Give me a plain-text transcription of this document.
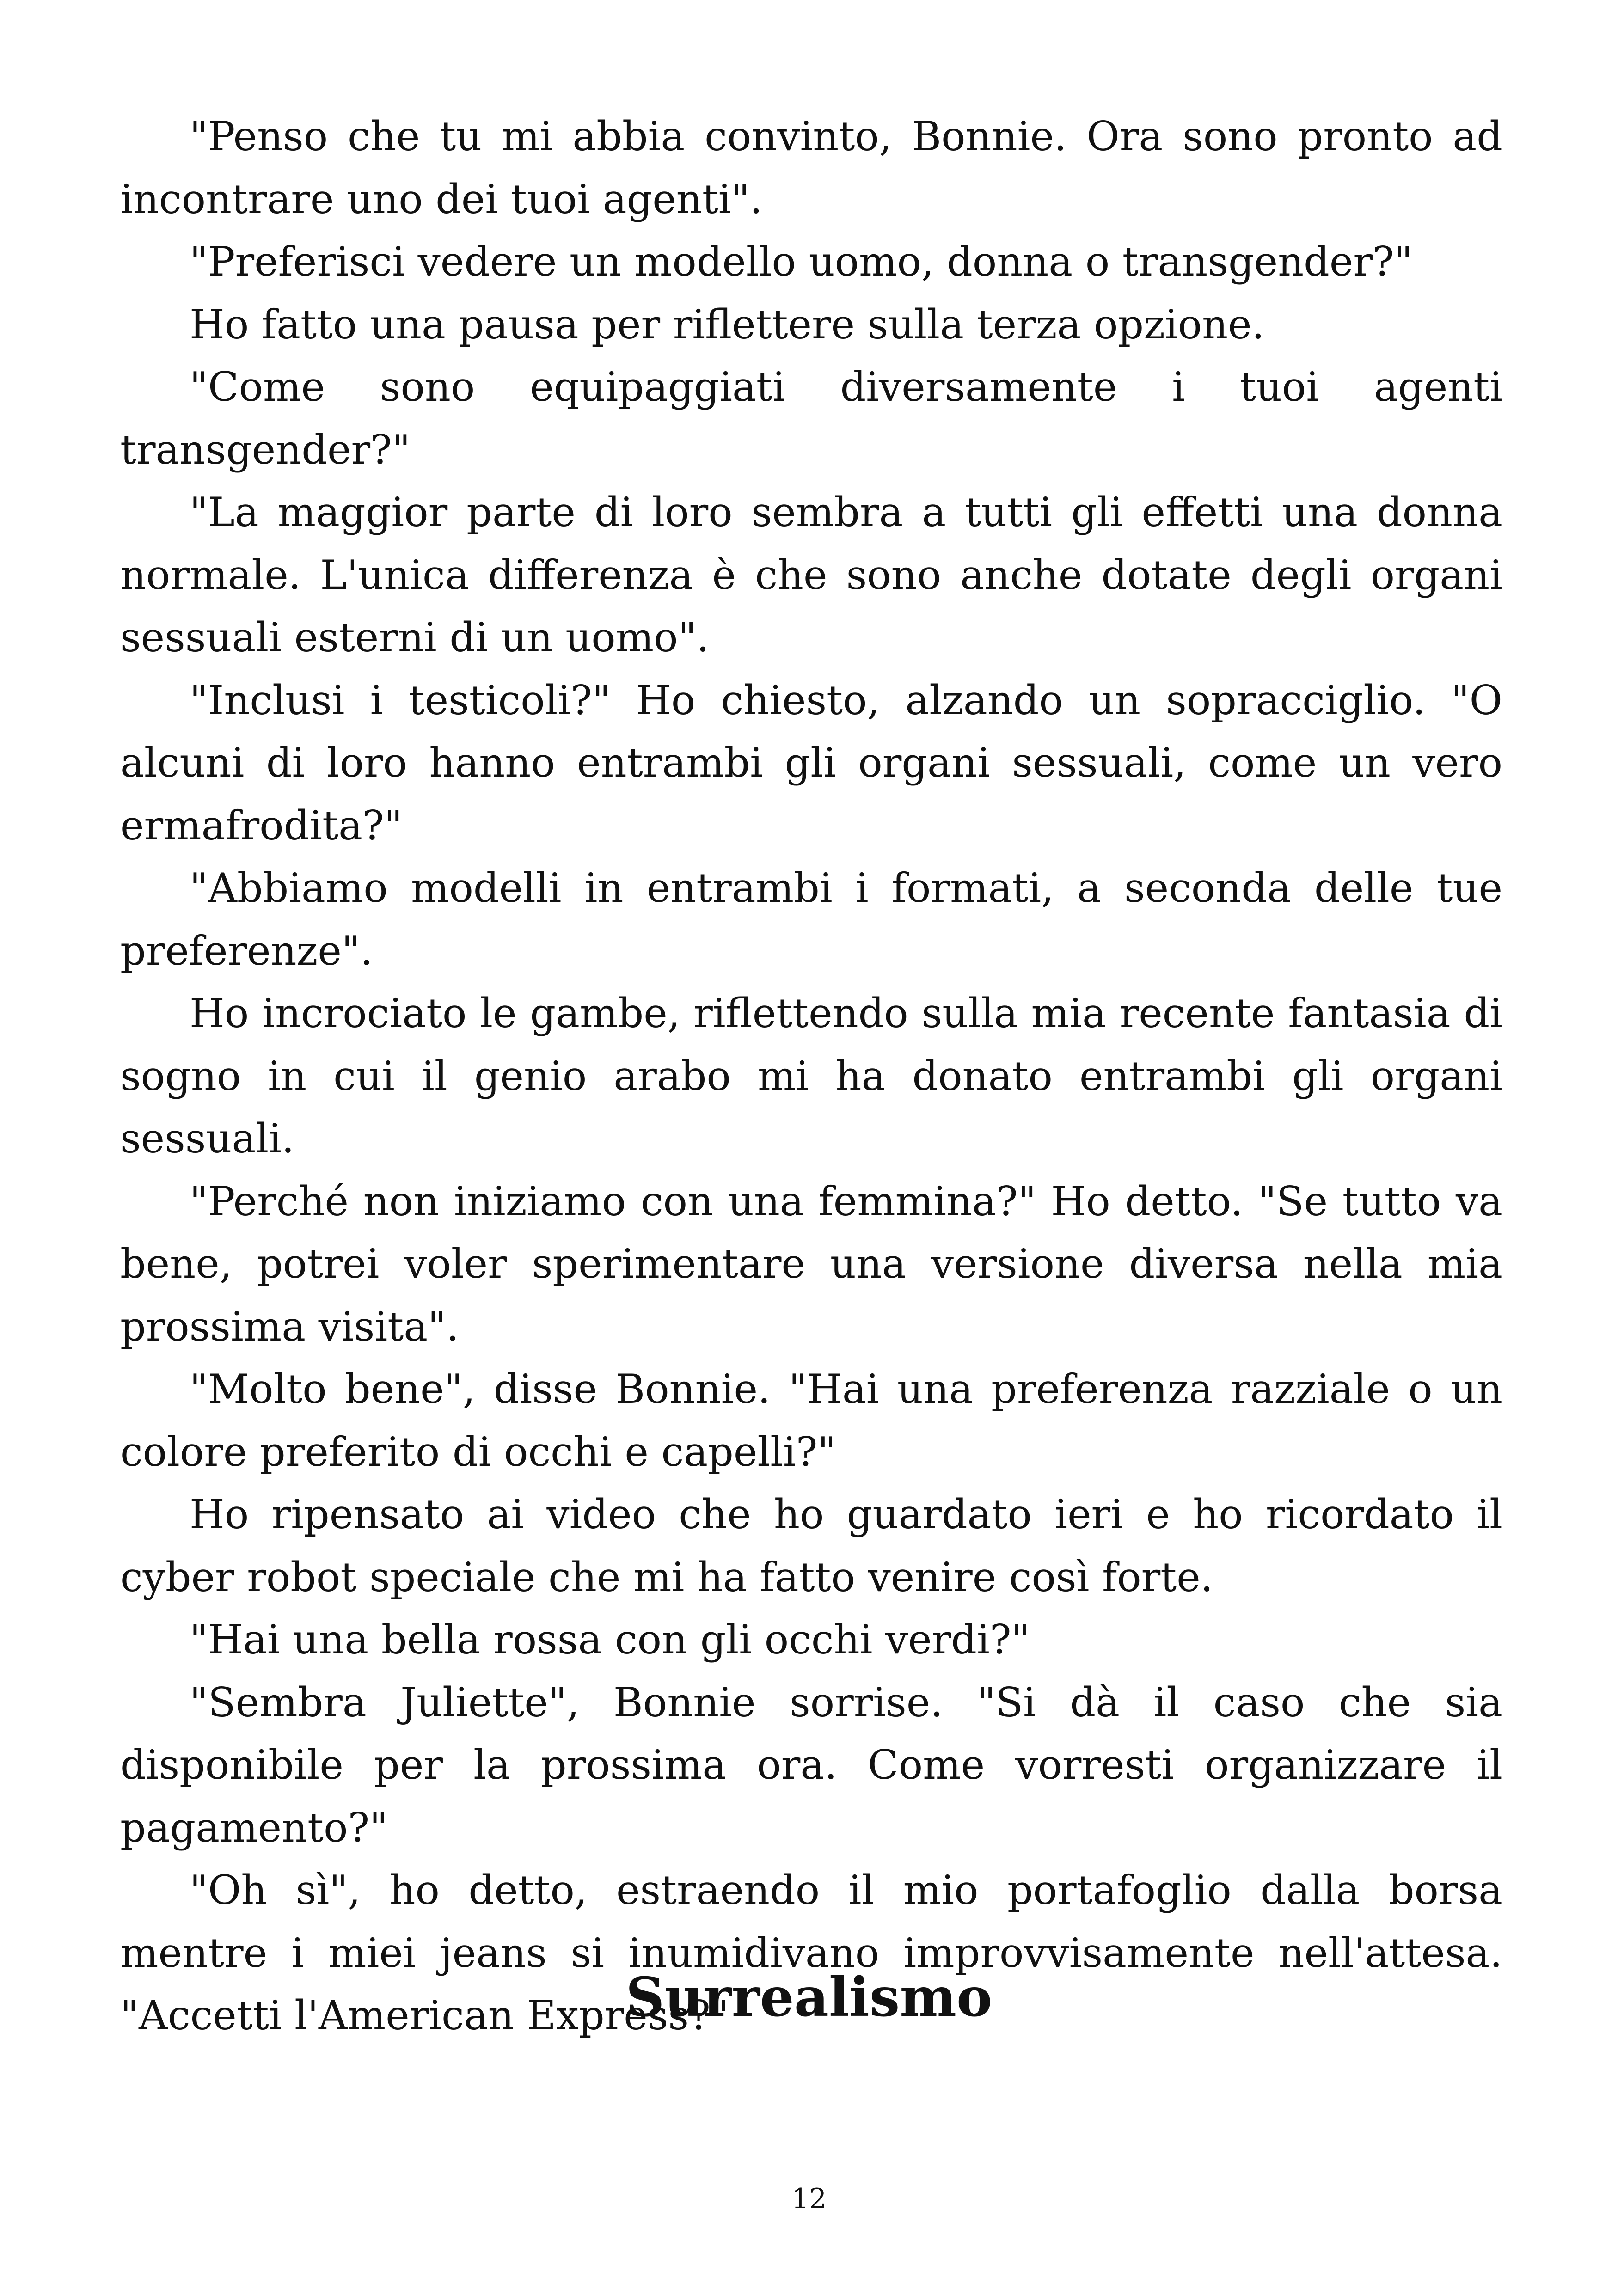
"Penso che tu mi abbia convinto, Bonnie. Ora sono pronto ad incontrare uno dei tuoi agenti".

"Preferisci vedere un modello uomo, donna o transgender?"

Ho fatto una pausa per riflettere sulla terza opzione.

"Come sono equipaggiati diversamente i tuoi agenti transgender?"

"La maggior parte di loro sembra a tutti gli effetti una donna normale. L'unica differenza è che sono anche dotate degli organi sessuali esterni di un uomo".

"Inclusi i testicoli?" Ho chiesto, alzando un sopracciglio. "O alcuni di loro hanno entrambi gli organi sessuali, come un vero ermafrodita?"

"Abbiamo modelli in entrambi i formati, a seconda delle tue preferenze".

Ho incrociato le gambe, riflettendo sulla mia recente fantasia di sogno in cui il genio arabo mi ha donato entrambi gli organi sessuali.

"Perché non iniziamo con una femmina?" Ho detto. "Se tutto va bene, potrei voler sperimentare una versione diversa nella mia prossima visita".

"Molto bene", disse Bonnie. "Hai una preferenza razziale o un colore preferito di occhi e capelli?"

Ho ripensato ai video che ho guardato ieri e ho ricordato il cyber robot speciale che mi ha fatto venire così forte.

"Hai una bella rossa con gli occhi verdi?"

"Sembra Juliette", Bonnie sorrise. "Si dà il caso che sia disponibile per la prossima ora. Come vorresti organizzare il pagamento?"

"Oh sì", ho detto, estraendo il mio portafoglio dalla borsa mentre i miei jeans si inumidivano improvvisamente nell'attesa. "Accetti l'American Express?"

Surrealismo
12
